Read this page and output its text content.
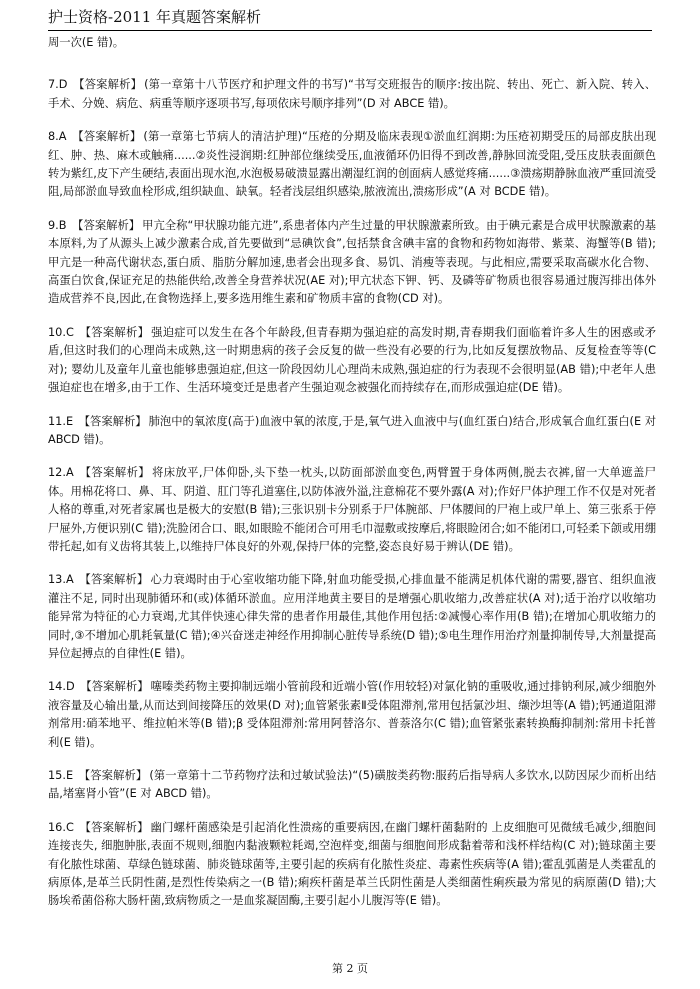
护士资格-2011 年真题答案解析

周一次(E 错)。

7.D 【答案解析】 (第一章第十八节医疗和护理文件的书写)“书写交班报告的顺序:按出院、转出、死亡、新入院、转入、手术、分娩、病危、病重等顺序逐项书写,每项依床号顺序排列”(D 对 ABCE 错)。

8.A 【答案解析】 (第一章第七节病人的清洁护理)“压疮的分期及临床表现①淤血红润期:为压疮初期受压的局部皮肤出现红、肿、热、麻木或触痛......②炎性浸润期:红肿部位继续受压,血液循环仍旧得不到改善,静脉回流受阻,受压皮肤表面颜色转为紫红,皮下产生硬结,表面出现水泡,水泡极易破溃显露出潮湿红润的创面病人感觉疼痛......③溃疡期静脉血液严重回流受阻,局部淤血导致血栓形成,组织缺血、缺氧。轻者浅层组织感染,脓液流出,溃疡形成”(A 对 BCDE 错)。

9.B 【答案解析】 甲亢全称“甲状腺功能亢进”,系患者体内产生过量的甲状腺激素所致。由于碘元素是合成甲状腺激素的基本原料,为了从源头上减少激素合成,首先要做到“忌碘饮食”,包括禁食含碘丰富的食物和药物如海带、紫菜、海蟹等(B 错);甲亢是一种高代谢状态,蛋白质、脂肪分解加速,患者会出现多食、易饥、消瘦等表现。与此相应,需要采取高碳水化合物、高蛋白饮食,保证充足的热能供给,改善全身营养状况(AE 对);甲亢状态下钾、钙、及磷等矿物质也很容易通过腹泻排出体外造成营养不良,因此,在食物选择上,要多选用维生素和矿物质丰富的食物(CD 对)。

10.C 【答案解析】 强迫症可以发生在各个年龄段,但青春期为强迫症的高发时期,青春期我们面临着许多人生的困惑或矛盾,但这时我们的心理尚未成熟,这一时期患病的孩子会反复的做一些没有必要的行为,比如反复摆放物品、反复检查等等(C 对); 婴幼儿及童年儿童也能够患强迫症,但这一阶段因幼儿心理尚未成熟,强迫症的行为表现不会很明显(AB 错);中老年人患强迫症也在增多,由于工作、生活环境变迁是患者产生强迫观念被强化而持续存在,而形成强迫症(DE 错)。

11.E 【答案解析】 肺泡中的氧浓度(高于)血液中氧的浓度,于是,氧气进入血液中与(血红蛋白)结合,形成氧合血红蛋白(E 对 ABCD 错)。

12.A 【答案解析】 将床放平,尸体仰卧,头下垫一枕头,以防面部淤血变色,两臂置于身体两侧,脱去衣裤,留一大单遮盖尸体。用棉花将口、鼻、耳、阴道、肛门等孔道塞住,以防体液外溢,注意棉花不要外露(A 对);作好尸体护理工作不仅是对死者人格的尊重,对死者家属也是极大的安慰(B 错);三张识别卡分别系于尸体腕部、尸体腰间的尸袍上或尸单上、第三张系于停尸屉外,方便识别(C 错);洗脸闭合口、眼,如眼睑不能闭合可用毛巾湿敷或按摩后,将眼睑闭合;如不能闭口,可轻柔下颌或用绷带托起,如有义齿将其装上,以维持尸体良好的外观,保持尸体的完整,姿态良好易于辨认(DE 错)。

13.A 【答案解析】 心力衰竭时由于心室收缩功能下降,射血功能受损,心排血量不能满足机体代谢的需要,器官、组织血液灌注不足, 同时出现肺循环和(或)体循环淤血。应用洋地黄主要目的是增强心肌收缩力,改善症状(A 对);适于治疗以收缩功能异常为特征的心力衰竭,尤其伴快速心律失常的患者作用最佳,其他作用包括:②减慢心率作用(B 错);在增加心肌收缩力的同时,③不增加心肌耗氧量(C 错);④兴奋迷走神经作用抑制心脏传导系统(D 错);⑤电生理作用治疗剂量抑制传导,大剂量提高异位起搏点的自律性(E 错)。

14.D 【答案解析】 噻嗪类药物主要抑制远端小管前段和近端小管(作用较轻)对氯化钠的重吸收,通过排钠利尿,减少细胞外液容量及心输出量,从而达到间接降压的效果(D 对);血管紧张素Ⅱ受体阻滞剂,常用包括氯沙坦、缬沙坦等(A 错);钙通道阻滞剂常用:硝苯地平、维拉帕米等(B 错);β 受体阻滞剂:常用阿替洛尔、普萘洛尔(C 错);血管紧张素转换酶抑制剂:常用卡托普利(E 错)。

15.E 【答案解析】 (第一章第十二节药物疗法和过敏试验法)“(5)磺胺类药物:服药后指导病人多饮水,以防因尿少而析出结晶,堵塞肾小管”(E 对 ABCD 错)。

16.C 【答案解析】 幽门螺杆菌感染是引起消化性溃疡的重要病因,在幽门螺杆菌黏附的 上皮细胞可见微绒毛减少,细胞间连接丧失, 细胞肿胀,表面不规则,细胞内黏液颗粒耗竭,空泡样变,细菌与细胞间形成黏着蒂和浅杯样结构(C 对);链球菌主要有化脓性球菌、草绿色链球菌、肺炎链球菌等,主要引起的疾病有化脓性炎症、毒素性疾病等(A 错);霍乱弧菌是人类霍乱的病原体,是革兰氏阴性菌,是烈性传染病之一(B 错);痢疾杆菌是革兰氏阴性菌是人类细菌性痢疾最为常见的病原菌(D 错);大肠埃希菌俗称大肠杆菌,致病物质之一是血浆凝固酶,主要引起小儿腹泻等(E 错)。

第 2 页
